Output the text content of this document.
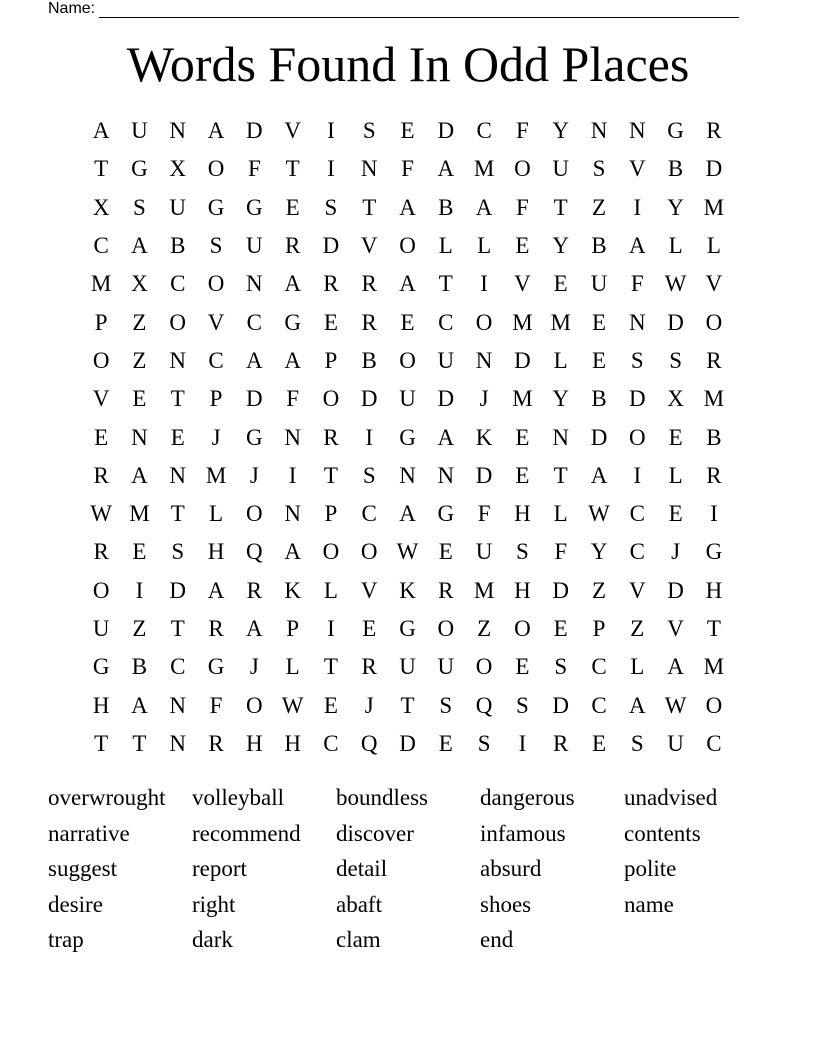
Name:
Words Found In Odd Places
A U N A D V	I	S	E D C	F	Y N N G R
T G X O	F	T	I	N	F	A M O U	S	V B D
X	S	U G G E	S	T A B A	F	T	Z	I	Y M
C A B	S	U R D V O L	L	E Y B A L	L
M X C O N A R R A T	I	V E U	F W V
P	Z O V C G E	R	E	C O M M E N D O
O Z N C A A	P	B O U N D L	E	S	S	R
V E	T	P	D	F	O D U D	J	M Y B D X M
E N E	J	G N R	I	G A K E N D O E	B
R A N M	J	I	T	S	N N D E	T A	I	L	R
W M T	L O N	P	C A G	F	H L W C	E	I
R	E	S	H Q A O O W E U	S	F	Y C	J	G
O	I	D A R K L V K R M H D Z V D H
U Z	T	R A	P	I	E G O Z O E	P	Z V T
G B C G	J	L	T	R U U O E	S	C	L A M
H A N	F	O W E	J	T	S	Q	S	D C A W O
T	T N R H H C Q D E	S	I	R	E	S	U C
overwrought	volleyball	boundless	dangerous	unadvised
narrative	recommend	discover	infamous	contents
suggest	report	detail	absurd	polite
desire	right	abaft	shoes	name
trap	dark	clam	end
